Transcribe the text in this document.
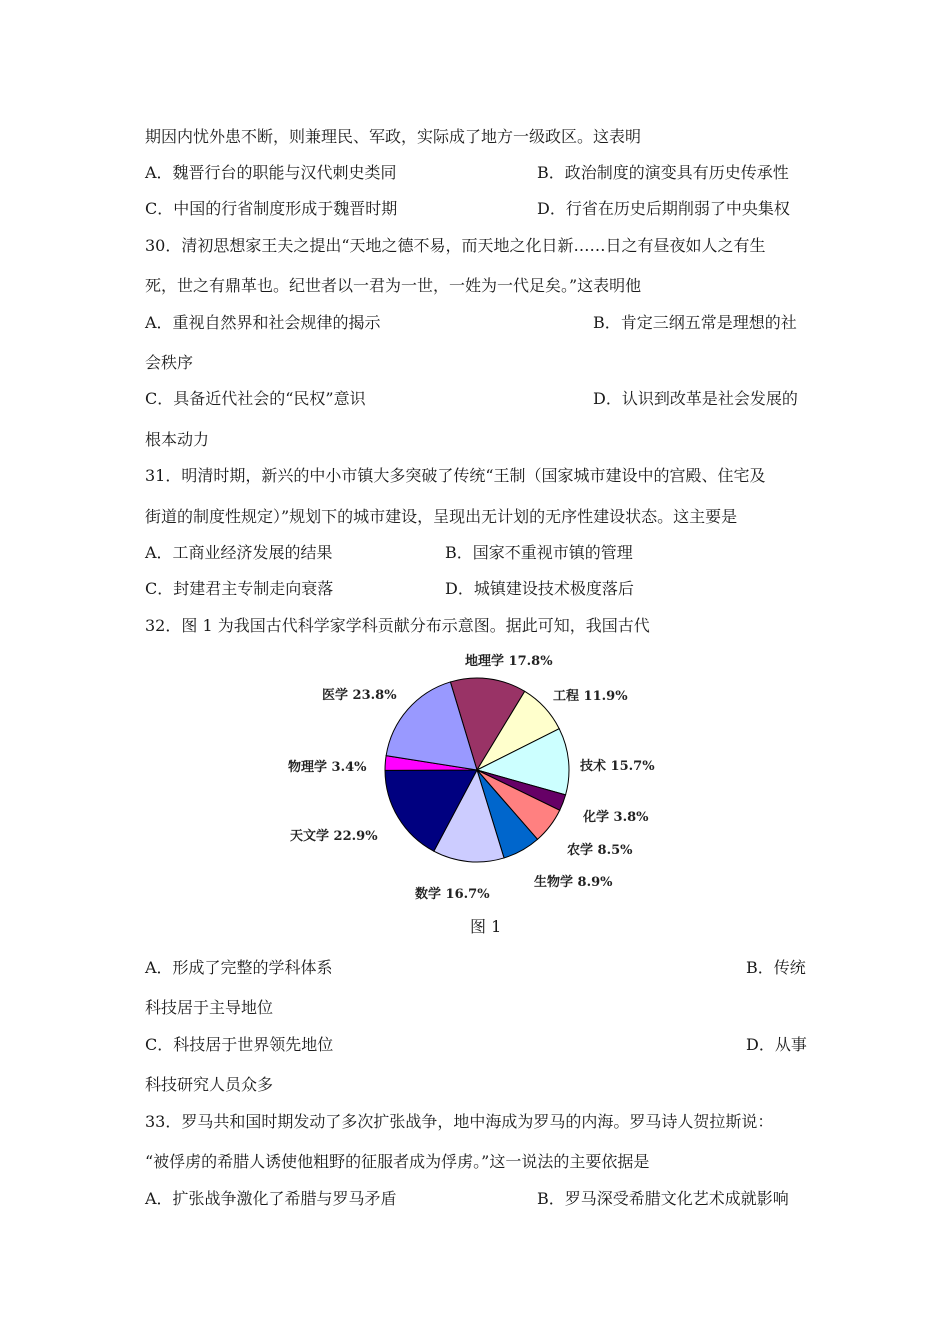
期因内忧外患不断，则兼理民、军政，实际成了地方一级政区。这表明
A．魏晋行台的职能与汉代刺史类同	B．政治制度的演变具有历史传承性
C．中国的行省制度形成于魏晋时期	D．行省在历史后期削弱了中央集权
30．清初思想家王夫之提出“天地之德不易，而天地之化日新……日之有昼夜如人之有生
死，世之有鼎革也。纪世者以一君为一世，一姓为一代足矣。”这表明他
A．重视自然界和社会规律的揭示	B．肯定三纲五常是理想的社
会秩序
C．具备近代社会的“民权”意识	D．认识到改革是社会发展的
根本动力
31．明清时期，新兴的中小市镇大多突破了传统“王制（国家城市建设中的宫殿、住宅及
街道的制度性规定）”规划下的城市建设，呈现出无计划的无序性建设状态。这主要是
A．工商业经济发展的结果	B．国家不重视市镇的管理
C．封建君主专制走向衰落	D．城镇建设技术极度落后
32．图 1 为我国古代科学家学科贡献分布示意图。据此可知，我国古代
地理学 17.8%
工程 11.9%
技术 15.7%
化学 3.8%
农学 8.5%
生物学 8.9%
数学 16.7%
天文学 22.9%
物理学 3.4%
医学 23.8%
图 1
A．形成了完整的学科体系	B．传统
科技居于主导地位
C．科技居于世界领先地位	D．从事
科技研究人员众多
33．罗马共和国时期发动了多次扩张战争，地中海成为罗马的内海。罗马诗人贺拉斯说：
“被俘虏的希腊人诱使他粗野的征服者成为俘虏。”这一说法的主要依据是
A．扩张战争激化了希腊与罗马矛盾	B．罗马深受希腊文化艺术成就影响
